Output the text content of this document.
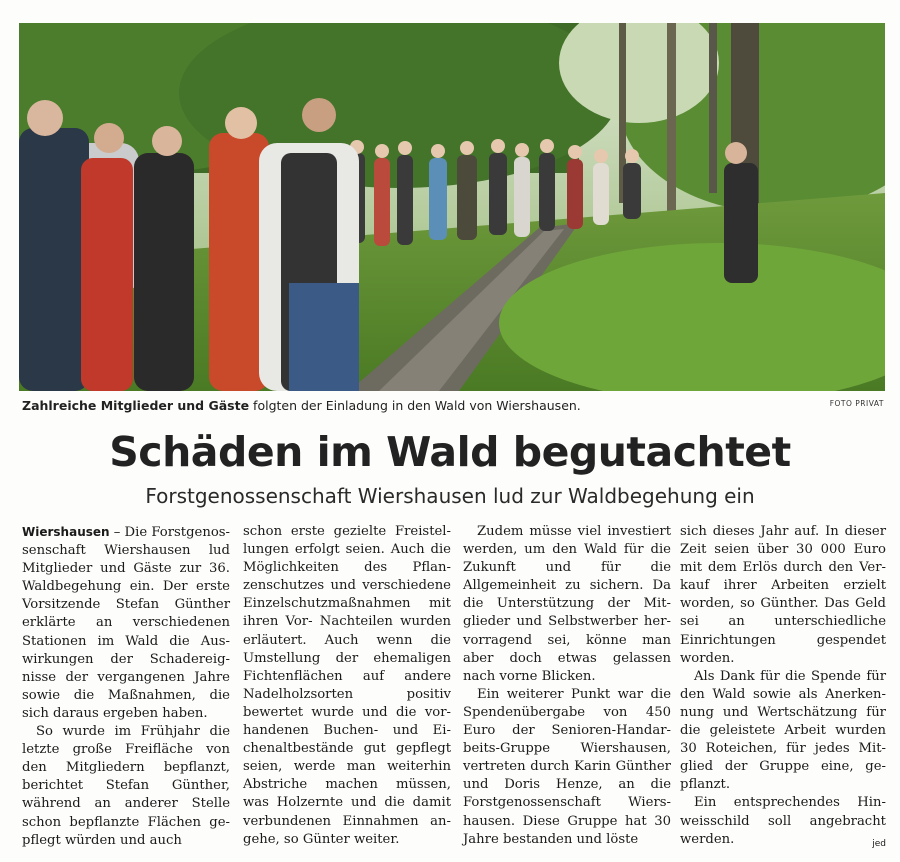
Zahlreiche Mitglieder und Gäste folgten der Einladung in den Wald von Wiershausen.	FOTO PRIVAT
Schäden im Wald begutachtet
Forstgenossenschaft Wiershausen lud zur Waldbegehung ein

Wiershausen – Die Forstgenossenschaft Wiershausen lud Mitglieder und Gäste zur 36. Waldbegehung ein. Der erste Vorsitzende Stefan Günther erklärte an verschiedenen Stationen im Wald die Auswirkungen der Schadereignisse der vergangenen Jahre sowie die Maßnahmen, die sich daraus ergeben haben.

So wurde im Frühjahr die letzte große Freifläche von den Mitgliedern bepflanzt, berichtet Stefan Günther, während an anderer Stelle schon bepflanzte Flächen gepflegt würden und auch

schon erste gezielte Freistellungen erfolgt seien. Auch die Möglichkeiten des Pflanzenschutzes und verschiedene Einzelschutzmaßnahmen mit ihren Vor- Nachteilen wurden erläutert. Auch wenn die Umstellung der ehemaligen Fichtenflächen auf andere Nadelholzsorten positiv bewertet wurde und die vorhandenen Buchen- und Eichenaltbestände gut gepflegt seien, werde man weiterhin Abstriche machen müssen, was Holzernte und die damit verbundenen Einnahmen angehe, so Günter weiter.

Zudem müsse viel investiert werden, um den Wald für die Zukunft und für die Allgemeinheit zu sichern. Da die Unterstützung der Mitglieder und Selbstwerber hervorragend sei, könne man aber doch etwas gelassen nach vorne Blicken.

Ein weiterer Punkt war die Spendenübergabe von 450 Euro der Senioren-Handarbeits-Gruppe Wiershausen, vertreten durch Karin Günther und Doris Henze, an die Forstgenossenschaft Wiershausen. Diese Gruppe hat 30 Jahre bestanden und löste

sich dieses Jahr auf. In dieser Zeit seien über 30 000 Euro mit dem Erlös durch den Verkauf ihrer Arbeiten erzielt worden, so Günther. Das Geld sei an unterschiedliche Einrichtungen gespendet worden.

Als Dank für die Spende für den Wald sowie als Anerkennung und Wertschätzung für die geleistete Arbeit wurden 30 Roteichen, für jedes Mitglied der Gruppe eine, gepflanzt.

Ein entsprechendes Hinweisschild soll angebracht werden.	jed
